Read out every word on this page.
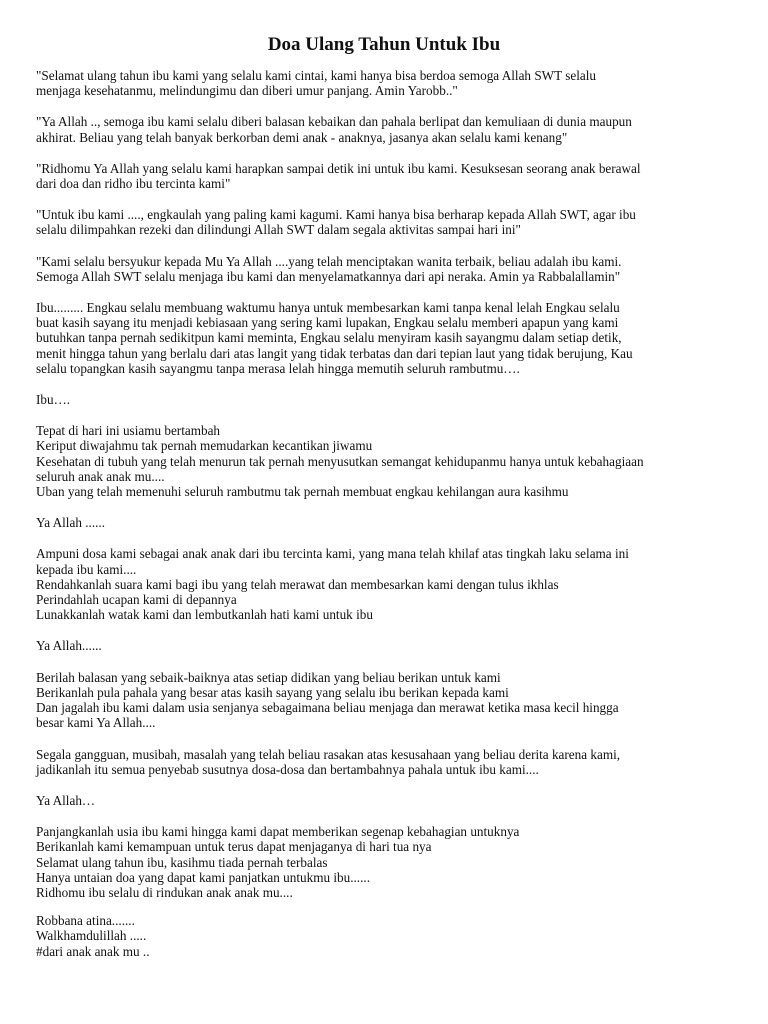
Doa Ulang Tahun Untuk Ibu
"Selamat ulang tahun ibu kami yang selalu kami cintai, kami hanya bisa berdoa semoga Allah SWT selalu
menjaga kesehatanmu, melindungimu dan diberi umur panjang. Amin Yarobb.."
"Ya Allah .., semoga ibu kami selalu diberi balasan kebaikan dan pahala berlipat dan kemuliaan di dunia maupun
akhirat. Beliau yang telah banyak berkorban demi anak - anaknya, jasanya akan selalu kami kenang"
"Ridhomu Ya Allah yang selalu kami harapkan sampai detik ini untuk ibu kami. Kesuksesan seorang anak berawal
dari doa dan ridho ibu tercinta kami"
"Untuk ibu kami ...., engkaulah yang paling kami kagumi. Kami hanya bisa berharap kepada Allah SWT, agar ibu
selalu dilimpahkan rezeki dan dilindungi Allah SWT dalam segala aktivitas sampai hari ini"
"Kami selalu bersyukur kepada Mu Ya Allah ....yang telah menciptakan wanita terbaik, beliau adalah ibu kami.
Semoga Allah SWT selalu menjaga ibu kami dan menyelamatkannya dari api neraka. Amin ya Rabbalallamin"
Ibu......... Engkau selalu membuang waktumu hanya untuk membesarkan kami tanpa kenal lelah Engkau selalu
buat kasih sayang itu menjadi kebiasaan yang sering kami lupakan, Engkau selalu memberi apapun yang kami
butuhkan tanpa pernah sedikitpun kami meminta, Engkau selalu menyiram kasih sayangmu dalam setiap detik,
menit hingga tahun yang berlalu dari atas langit yang tidak terbatas dan dari tepian laut yang tidak berujung, Kau
selalu topangkan kasih sayangmu tanpa merasa lelah hingga memutih seluruh rambutmu….
Ibu….
Tepat di hari ini usiamu bertambah
Keriput diwajahmu tak pernah memudarkan kecantikan jiwamu
Kesehatan di tubuh yang telah menurun tak pernah menyusutkan semangat kehidupanmu hanya untuk kebahagiaan
seluruh anak anak mu....
Uban yang telah memenuhi seluruh rambutmu tak pernah membuat engkau kehilangan aura kasihmu
Ya Allah ......
Ampuni dosa kami sebagai anak anak dari ibu tercinta kami, yang mana telah khilaf atas tingkah laku selama ini
kepada ibu kami....
Rendahkanlah suara kami bagi ibu yang telah merawat dan membesarkan kami dengan tulus ikhlas
Perindahlah ucapan kami di depannya
Lunakkanlah watak kami dan lembutkanlah hati kami untuk ibu
Ya Allah......
Berilah balasan yang sebaik-baiknya atas setiap didikan yang beliau berikan untuk kami
Berikanlah pula pahala yang besar atas kasih sayang yang selalu ibu berikan kepada kami
Dan jagalah ibu kami dalam usia senjanya sebagaimana beliau menjaga dan merawat ketika masa kecil hingga
besar kami Ya Allah....
Segala gangguan, musibah, masalah yang telah beliau rasakan atas kesusahaan yang beliau derita karena kami,
jadikanlah itu semua penyebab susutnya dosa-dosa dan bertambahnya pahala untuk ibu kami....
Ya Allah…
Panjangkanlah usia ibu kami hingga kami dapat memberikan segenap kebahagian untuknya
Berikanlah kami kemampuan untuk terus dapat menjaganya di hari tua nya
Selamat ulang tahun ibu, kasihmu tiada pernah terbalas
Hanya untaian doa yang dapat kami panjatkan untukmu ibu......
Ridhomu ibu selalu di rindukan anak anak mu....
Robbana atina.......
Walkhamdulillah .....
#dari anak anak mu ..
